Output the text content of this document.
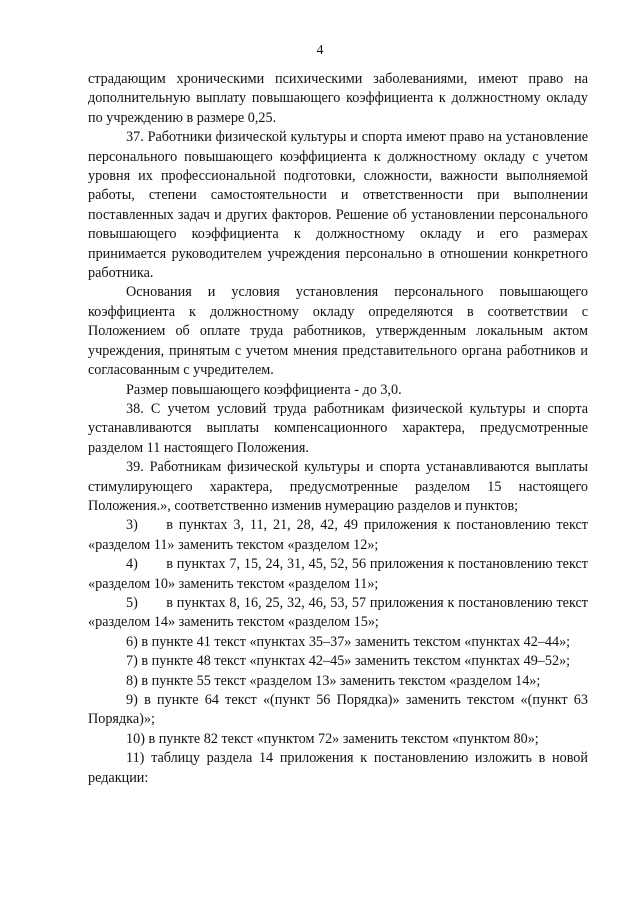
4

страдающим хроническими психическими заболеваниями, имеют право на дополнительную выплату повышающего коэффициента к должностному окладу по учреждению в размере 0,25.

37. Работники физической культуры и спорта имеют право на установление персонального повышающего коэффициента к должностному окладу с учетом уровня их профессиональной подготовки, сложности, важности выполняемой работы, степени самостоятельности и ответственности при выполнении поставленных задач и других факторов. Решение об установлении персонального повышающего коэффициента к должностному окладу и его размерах принимается руководителем учреждения персонально в отношении конкретного работника.

Основания и условия установления персонального повышающего коэффициента к должностному окладу определяются в соответствии с Положением об оплате труда работников, утвержденным локальным актом учреждения, принятым с учетом мнения представительного органа работников и согласованным с учредителем.

Размер повышающего коэффициента - до 3,0.

38. С учетом условий труда работникам физической культуры и спорта устанавливаются выплаты компенсационного характера, предусмотренные разделом 11 настоящего Положения.

39. Работникам физической культуры и спорта устанавливаются выплаты стимулирующего характера, предусмотренные разделом 15 настоящего Положения.», соответственно изменив нумерацию разделов и пунктов;

3)  в пунктах 3, 11, 21, 28, 42, 49 приложения к постановлению текст «разделом 11» заменить текстом «разделом 12»;

4)  в пунктах 7, 15, 24, 31, 45, 52, 56 приложения к постановлению текст «разделом 10» заменить текстом «разделом 11»;

5)  в пунктах 8, 16, 25, 32, 46, 53, 57 приложения к постановлению текст «разделом 14» заменить текстом «разделом 15»;

6) в пункте 41 текст «пунктах 35–37» заменить текстом «пунктах 42–44»;

7) в пункте 48 текст «пунктах 42–45» заменить текстом «пунктах 49–52»;

8) в пункте 55 текст «разделом 13» заменить текстом «разделом 14»;

9) в пункте 64 текст «(пункт 56 Порядка)» заменить текстом «(пункт 63 Порядка)»;

10) в пункте 82 текст «пунктом 72» заменить текстом «пунктом 80»;

11) таблицу раздела 14 приложения к постановлению изложить в новой редакции:
